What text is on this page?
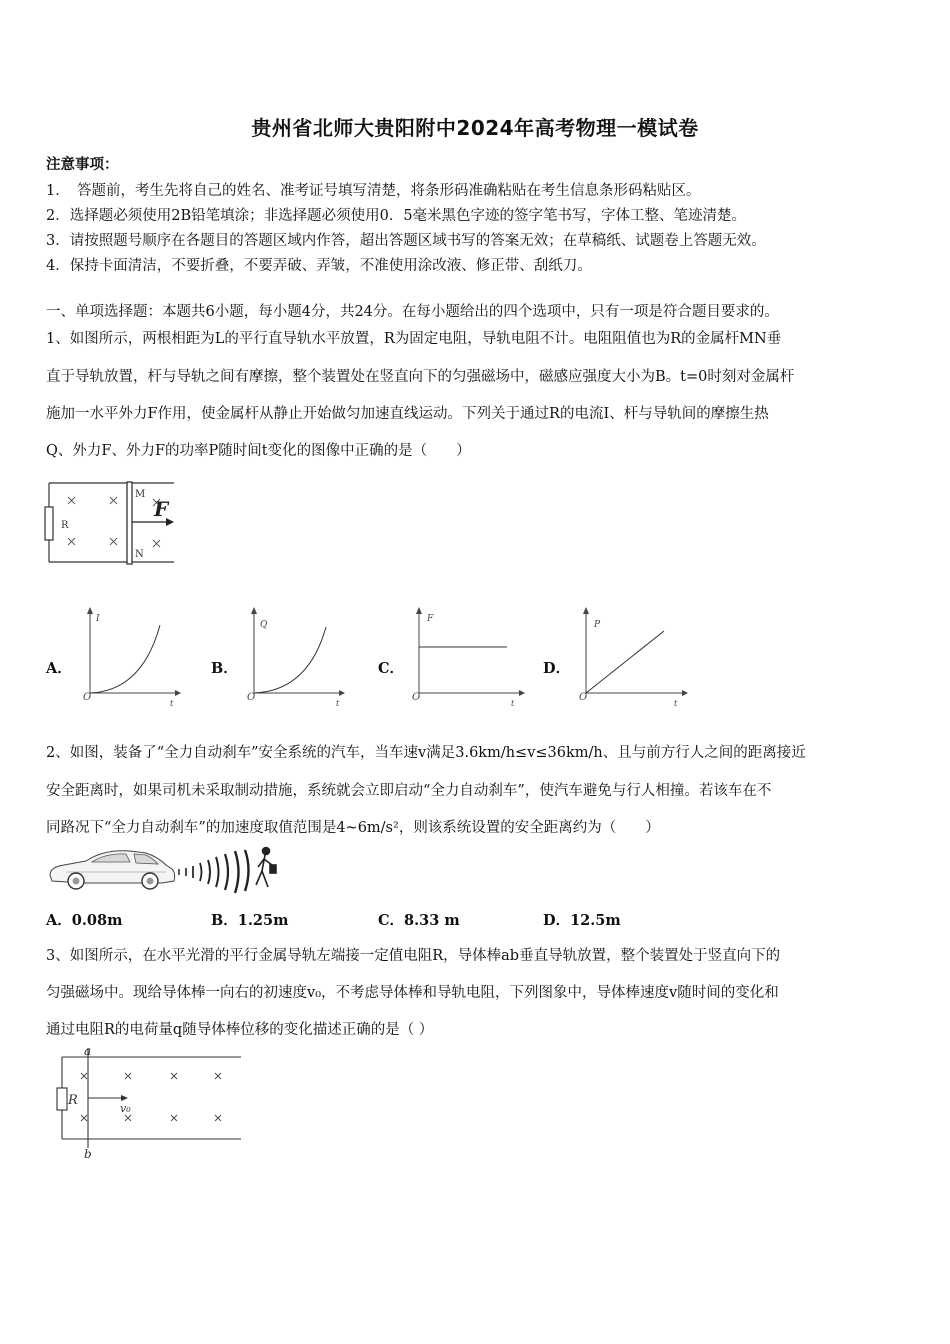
贵州省北师大贵阳附中2024年高考物理一模试卷
注意事项：
1．　答题前，考生先将自己的姓名、准考证号填写清楚，将条形码准确粘贴在考生信息条形码粘贴区。
2．选择题必须使用2B铅笔填涂；非选择题必须使用0．5毫米黑色字迹的签字笔书写，字体工整、笔迹清楚。
3．请按照题号顺序在各题目的答题区域内作答，超出答题区域书写的答案无效；在草稿纸、试题卷上答题无效。
4．保持卡面清洁，不要折叠，不要弄破、弄皱，不准使用涂改液、修正带、刮纸刀。
一、单项选择题：本题共6小题，每小题4分，共24分。在每小题给出的四个选项中，只有一项是符合题目要求的。
1、如图所示，两根相距为L的平行直导轨水平放置，R为固定电阻，导轨电阻不计。电阻阻值也为R的金属杆MN垂
直于导轨放置，杆与导轨之间有摩擦，整个装置处在竖直向下的匀强磁场中，磁感应强度大小为B。t=0时刻对金属杆
施加一水平外力F作用，使金属杆从静止开始做匀加速直线运动。下列关于通过R的电流I、杆与导轨间的摩擦生热
Q、外力F、外力F的功率P随时间t变化的图像中正确的是（　　）
R
M
N
F
A．
I
t
O
B．
Q
t
O
C．
F
t
O
D．
P
t
O
2、如图，装备了“全力自动刹车”安全系统的汽车，当车速v满足3.6km/h≤v≤36km/h、且与前方行人之间的距离接近
安全距离时，如果司机未采取制动措施，系统就会立即启动“全力自动刹车”，使汽车避免与行人相撞。若该车在不
同路况下“全力自动刹车”的加速度取值范围是4~6m/s²，则该系统设置的安全距离约为（　　）
A．0.08m	B．1.25m	C．8.33 m	D．12.5m
3、如图所示，在水平光滑的平行金属导轨左端接一定值电阻R，导体棒ab垂直导轨放置，整个装置处于竖直向下的
匀强磁场中。现给导体棒一向右的初速度v₀，不考虑导体棒和导轨电阻，下列图象中，导体棒速度v随时间的变化和
通过电阻R的电荷量q随导体棒位移的变化描述正确的是（ ）
a
b
R
v₀
